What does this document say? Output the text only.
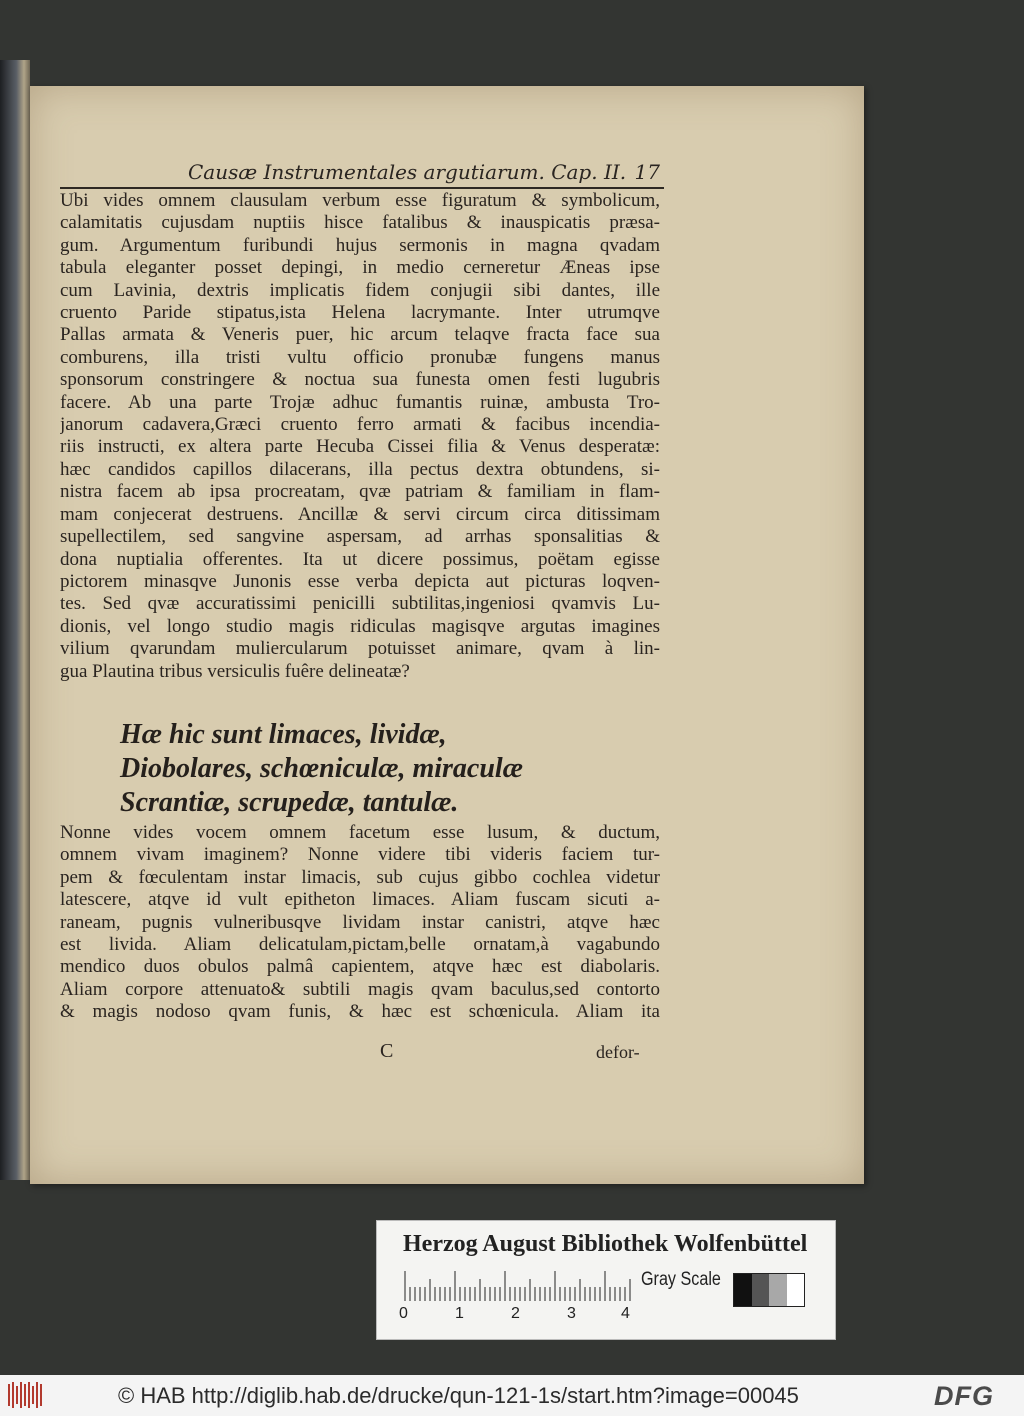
Causæ Instrumentales argutiarum. Cap. II. 17
Ubi vides omnem clausulam verbum esse figuratum & symbolicum,
calamitatis cujusdam nuptiis hisce fatalibus & inauspicatis præsa-
gum. Argumentum furibundi hujus sermonis in magna qvadam
tabula eleganter posset depingi, in medio cerneretur Æneas ipse
cum Lavinia, dextris implicatis fidem conjugii sibi dantes, ille
cruento Paride stipatus,ista Helena lacrymante. Inter utrumqve
Pallas armata & Veneris puer, hic arcum telaqve fracta face sua
comburens, illa tristi vultu officio pronubæ fungens manus
sponsorum constringere & noctua sua funesta omen festi lugubris
facere. Ab una parte Trojæ adhuc fumantis ruinæ, ambusta Tro-
janorum cadavera,Græci cruento ferro armati & facibus incendia-
riis instructi, ex altera parte Hecuba Cissei filia & Venus desperatæ:
hæc candidos capillos dilacerans, illa pectus dextra obtundens, si-
nistra facem ab ipsa procreatam, qvæ patriam & familiam in flam-
mam conjecerat destruens. Ancillæ & servi circum circa ditissimam
supellectilem, sed sangvine aspersam, ad arrhas sponsalitias &
dona nuptialia offerentes. Ita ut dicere possimus, poëtam egisse
pictorem minasqve Junonis esse verba depicta aut picturas loqven-
tes. Sed qvæ accuratissimi penicilli subtilitas,ingeniosi qvamvis Lu-
dionis, vel longo studio magis ridiculas magisqve argutas imagines
vilium qvarundam muliercularum potuisset animare, qvam à lin-
gua Plautina tribus versiculis fuêre delineatæ?
Hæ hic sunt limaces, lividæ,
Diobolares, schœniculæ, miraculæ
Scrantiæ, scrupedæ, tantulæ.
Nonne vides vocem omnem facetum esse lusum, & ductum,
omnem vivam imaginem? Nonne videre tibi videris faciem tur-
pem & fœculentam instar limacis, sub cujus gibbo cochlea videtur
latescere, atqve id vult epitheton limaces. Aliam fuscam sicuti a-
raneam, pugnis vulneribusqve lividam instar canistri, atqve hæc
est livida. Aliam delicatulam,pictam,belle ornatam,à vagabundo
mendico duos obulos palmâ capientem, atqve hæc est diabolaris.
Aliam corpore attenuato& subtili magis qvam baculus,sed contorto
& magis nodoso qvam funis, & hæc est schœnicula. Aliam ita
C	defor-
Herzog August Bibliothek Wolfenbüttel
0	1	2	3	4
Gray Scale
© HAB http://diglib.hab.de/drucke/qun-121-1s/start.htm?image=00045	DFG
